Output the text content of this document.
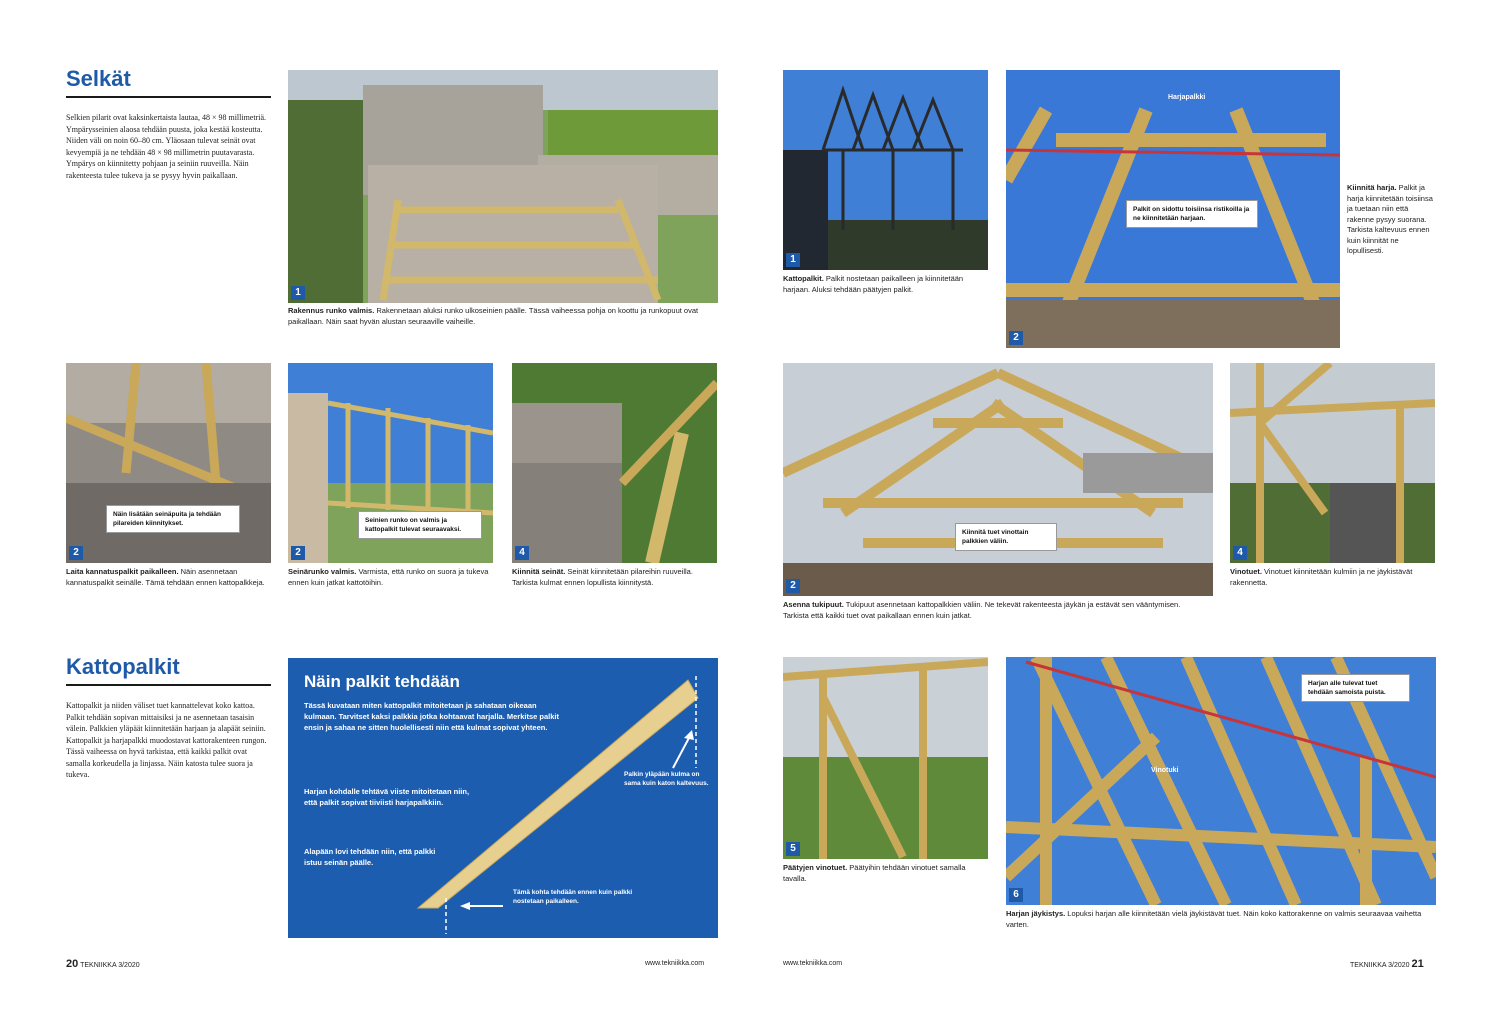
Selkät
Selkien pilarit ovat kaksinkertaista lautaa, 48 × 98 millimetriä. Ympärysseinien alaosa tehdään puusta, joka kestää kosteutta. Niiden väli on noin 60–80 cm. Yläosaan tulevat seinät ovat kevyempiä ja ne tehdään 48 × 98 millimetrin puutavarasta. Ympärys on kiinnitetty pohjaan ja seiniin ruuveilla. Näin rakenteesta tulee tukeva ja se pysyy hyvin paikallaan.
1
Rakennus runko valmis. Rakennetaan aluksi runko ulkoseinien päälle. Tässä vaiheessa pohja on koottu ja runkopuut ovat paikallaan. Näin saat hyvän alustan seuraaville vaiheille.
Näin lisätään seinäpuita ja tehdään pilareiden kiinnitykset.
2
Laita kannatuspalkit paikalleen. Näin asennetaan kannatuspalkit seinälle. Tämä tehdään ennen kattopalkkeja.
Seinien runko on valmis ja kattopalkit tulevat seuraavaksi.
2
Seinärunko valmis. Varmista, että runko on suora ja tukeva ennen kuin jatkat kattotöihin.
4
Kiinnitä seinät. Seinät kiinnitetään pilareihin ruuveilla. Tarkista kulmat ennen lopullista kiinnitystä.
Kattopalkit
Kattopalkit ja niiden väliset tuet kannattelevat koko kattoa. Palkit tehdään sopivan mittaisiksi ja ne asennetaan tasaisin välein. Palkkien yläpäät kiinnitetään harjaan ja alapäät seiniin. Kattopalkit ja harjapalkki muodostavat kattorakenteen rungon. Tässä vaiheessa on hyvä tarkistaa, että kaikki palkit ovat samalla korkeudella ja linjassa. Näin katosta tulee suora ja tukeva.
Näin palkit tehdään
Tässä kuvataan miten kattopalkit mitoitetaan ja sahataan oikeaan kulmaan. Tarvitset kaksi palkkia jotka kohtaavat harjalla. Merkitse palkit ensin ja sahaa ne sitten huolellisesti niin että kulmat sopivat yhteen.
Harjan kohdalle tehtävä viiste mitoitetaan niin, että palkit sopivat tiiviisti harjapalkkiin.
Alapään lovi tehdään niin, että palkki istuu seinän päälle.
Palkin yläpään kulma on sama kuin katon kaltevuus.
Tämä kohta tehdään ennen kuin palkki nostetaan paikalleen.
20 TEKNIIKKA 3/2020	www.tekniikka.com
1
Kattopalkit. Palkit nostetaan paikalleen ja kiinnitetään harjaan. Aluksi tehdään päätyjen palkit.
Harjapalkki
Palkit on sidottu toisiinsa ristikoilla ja ne kiinnitetään harjaan.
2
Kiinnitä harja. Palkit ja harja kiinnitetään toisiinsa ja tuetaan niin että rakenne pysyy suorana. Tarkista kaltevuus ennen kuin kiinnität ne lopullisesti.
Kiinnitä tuet vinottain palkkien väliin.
2
Asenna tukipuut. Tukipuut asennetaan kattopalkkien väliin. Ne tekevät rakenteesta jäykän ja estävät sen vääntymisen. Tarkista että kaikki tuet ovat paikallaan ennen kuin jatkat.
4
Vinotuet. Vinotuet kiinnitetään kulmiin ja ne jäykistävät rakennetta.
5
Päätyjen vinotuet. Päätyihin tehdään vinotuet samalla tavalla.
Vinotuki
Harjan alle tulevat tuet tehdään samoista puista.
6
Harjan jäykistys. Lopuksi harjan alle kiinnitetään vielä jäykistävät tuet. Näin koko kattorakenne on valmis seuraavaa vaihetta varten.
www.tekniikka.com	TEKNIIKKA 3/2020 21
